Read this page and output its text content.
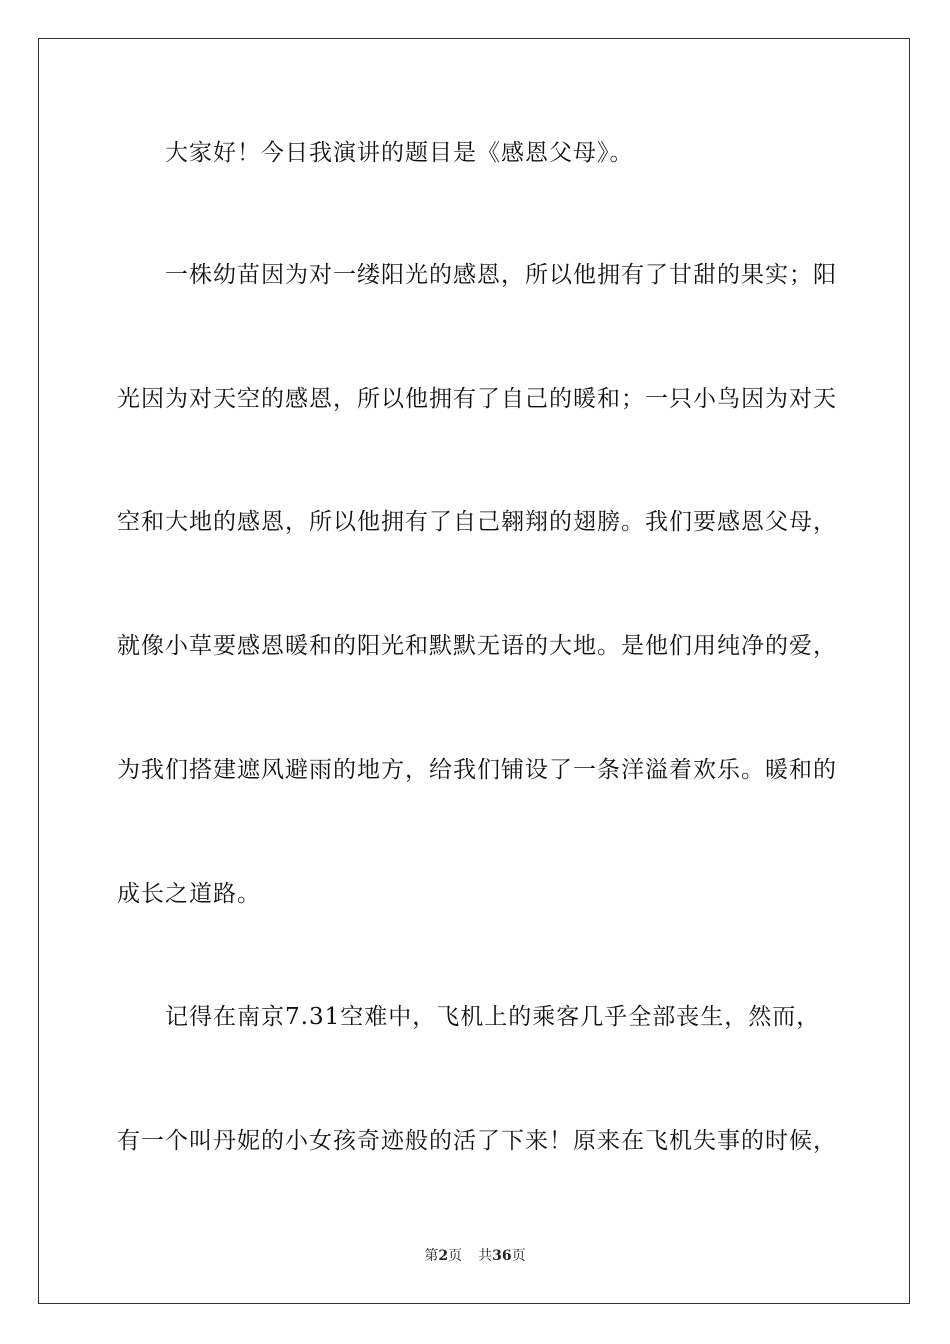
大家好！今日我演讲的题目是《感恩父母》。
一株幼苗因为对一缕阳光的感恩，所以他拥有了甘甜的果实；阳
光因为对天空的感恩，所以他拥有了自己的暖和；一只小鸟因为对天
空和大地的感恩，所以他拥有了自己翱翔的翅膀。我们要感恩父母，
就像小草要感恩暖和的阳光和默默无语的大地。是他们用纯净的爱，
为我们搭建遮风避雨的地方，给我们铺设了一条洋溢着欢乐。暖和的
成长之道路。
记得在南京7.31空难中，飞机上的乘客几乎全部丧生，然而，
有一个叫丹妮的小女孩奇迹般的活了下来！原来在飞机失事的时候，
第2页 共36页
